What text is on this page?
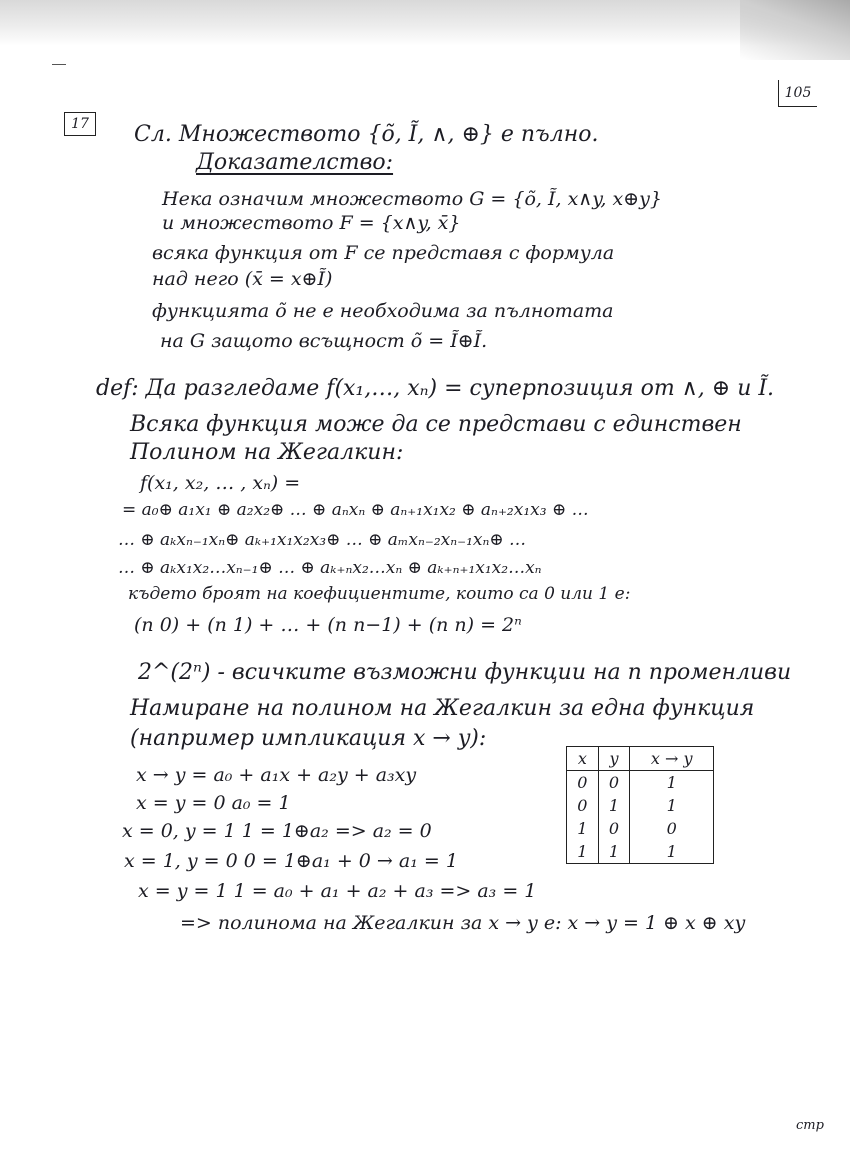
17
105
Сл. Множеството {õ, Ĩ, ∧, ⊕} е пълно.
Доказателство:
Нека означим множеството G = {õ, Ĩ, x∧y, x⊕y}
и множеството F = {x∧y, x̄}
всяка функция от F се представя с формула
над него (x̄ = x⊕Ĩ)
функцията õ не е необходима за пълнотата
на G защото всъщност õ = Ĩ⊕Ĩ.
def: Да разгледаме f(x₁,…, xₙ) = суперпозиция от ∧, ⊕ и Ĩ.
Всяка функция може да се представи с единствен
Полином на Жегалкин:
f(x₁, x₂, … , xₙ) =
= a₀⊕ a₁x₁ ⊕ a₂x₂⊕ … ⊕ aₙxₙ ⊕ aₙ₊₁x₁x₂ ⊕ aₙ₊₂x₁x₃ ⊕ …
… ⊕ aₖxₙ₋₁xₙ⊕ aₖ₊₁x₁x₂x₃⊕ … ⊕ aₘxₙ₋₂xₙ₋₁xₙ⊕ …
… ⊕ aₖx₁x₂…xₙ₋₁⊕ … ⊕ aₖ₊ₙx₂…xₙ ⊕ aₖ₊ₙ₊₁x₁x₂…xₙ
където броят на коефициентите, които са 0 или 1 е:
(n 0) + (n 1) + … + (n n−1) + (n n) = 2ⁿ
2^(2ⁿ) - всичките възможни функции на n променливи
Намиране на полином на Жегалкин за една функция
(например импликация x → y):
x → y = a₀ + a₁x + a₂y + a₃xy
x = y = 0 a₀ = 1
x = 0, y = 1 1 = 1⊕a₂ => a₂ = 0
x = 1, y = 0 0 = 1⊕a₁ + 0 → a₁ = 1
x = y = 1 1 = a₀ + a₁ + a₂ + a₃ => a₃ = 1
=> полинома на Жегалкин за x → y е: x → y = 1 ⊕ x ⊕ xy
x	y	x → y
0	0	1
0	1	1
1	0	0
1	1	1
стр
